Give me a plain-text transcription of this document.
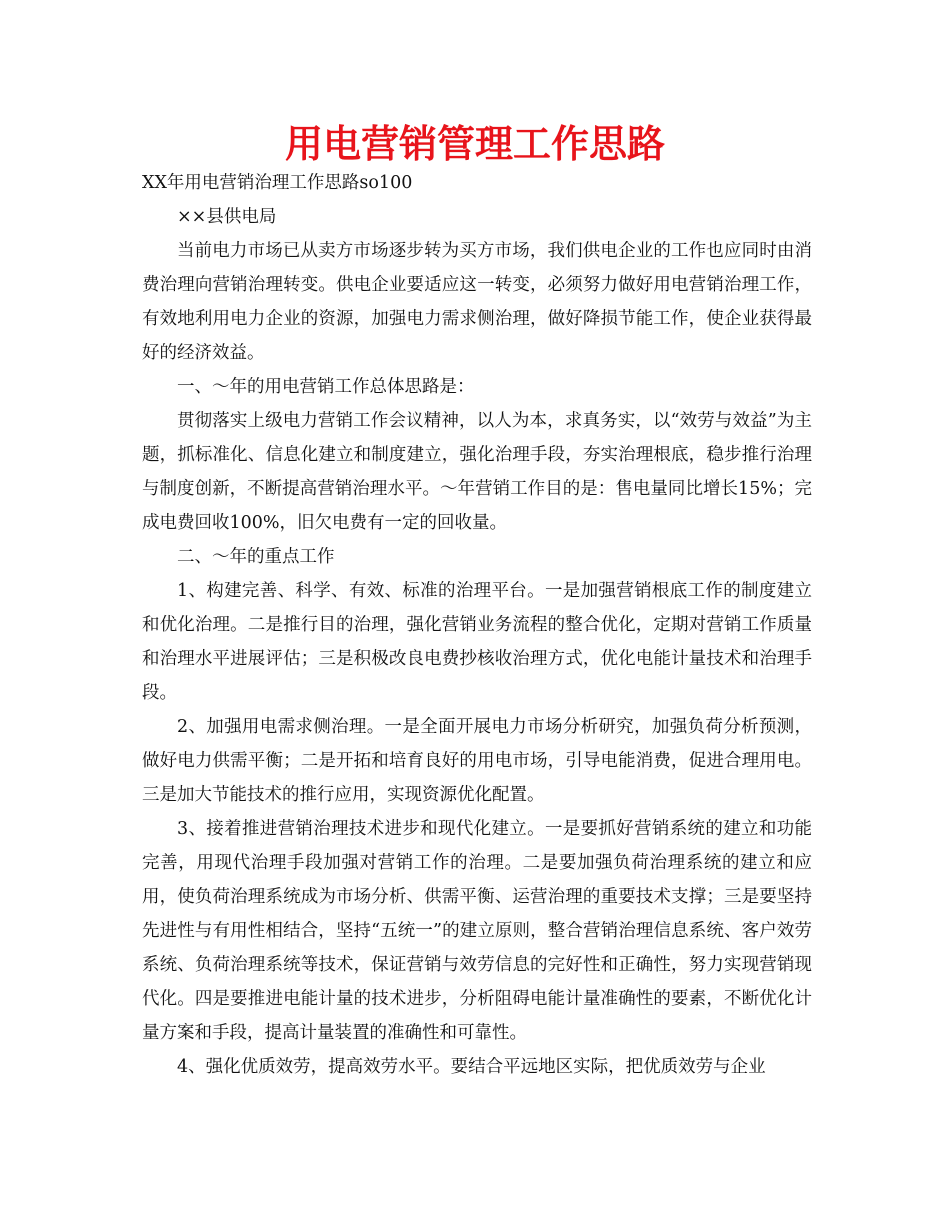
用电营销管理工作思路

XX年用电营销治理工作思路so100

××县供电局

当前电力市场已从卖方市场逐步转为买方市场，我们供电企业的工作也应同时由消费治理向营销治理转变。供电企业要适应这一转变，必须努力做好用电营销治理工作，有效地利用电力企业的资源，加强电力需求侧治理，做好降损节能工作，使企业获得最好的经济效益。

一、～年的用电营销工作总体思路是：

贯彻落实上级电力营销工作会议精神，以人为本，求真务实，以“效劳与效益”为主题，抓标准化、信息化建立和制度建立，强化治理手段，夯实治理根底，稳步推行治理与制度创新，不断提高营销治理水平。～年营销工作目的是：售电量同比增长15%；完成电费回收100%，旧欠电费有一定的回收量。

二、～年的重点工作

1、构建完善、科学、有效、标准的治理平台。一是加强营销根底工作的制度建立和优化治理。二是推行目的治理，强化营销业务流程的整合优化，定期对营销工作质量和治理水平进展评估；三是积极改良电费抄核收治理方式，优化电能计量技术和治理手段。

2、加强用电需求侧治理。一是全面开展电力市场分析研究，加强负荷分析预测，做好电力供需平衡；二是开拓和培育良好的用电市场，引导电能消费，促进合理用电。三是加大节能技术的推行应用，实现资源优化配置。

3、接着推进营销治理技术进步和现代化建立。一是要抓好营销系统的建立和功能完善，用现代治理手段加强对营销工作的治理。二是要加强负荷治理系统的建立和应用，使负荷治理系统成为市场分析、供需平衡、运营治理的重要技术支撑；三是要坚持先进性与有用性相结合，坚持“五统一”的建立原则，整合营销治理信息系统、客户效劳系统、负荷治理系统等技术，保证营销与效劳信息的完好性和正确性，努力实现营销现代化。四是要推进电能计量的技术进步，分析阻碍电能计量准确性的要素，不断优化计量方案和手段，提高计量装置的准确性和可靠性。

4、强化优质效劳，提高效劳水平。要结合平远地区实际，把优质效劳与企业
